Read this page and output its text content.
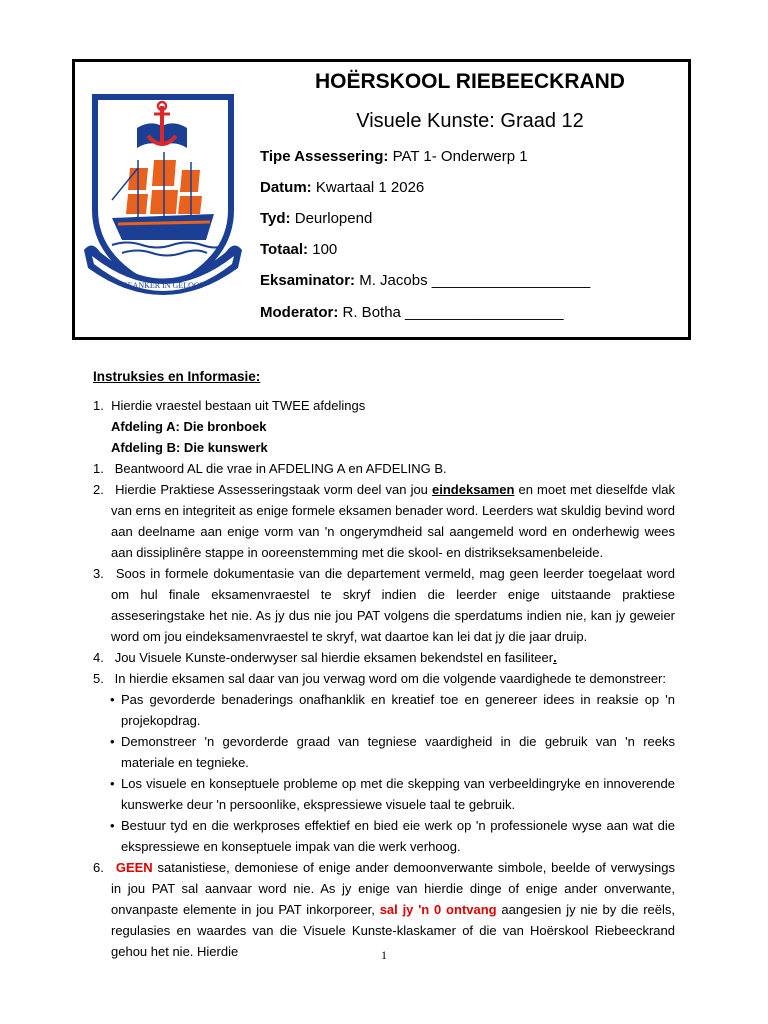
GEANKER IN GELOOF
HOËRSKOOL RIEBEECKRAND
Visuele Kunste: Graad 12
Tipe Assessering: PAT 1- Onderwerp 1
Datum: Kwartaal 1 2026
Tyd: Deurlopend
Totaal: 100
Eksaminator: M. Jacobs ___________________
Moderator: R. Botha ___________________
Instruksies en Informasie:
1. Hierdie vraestel bestaan uit TWEE afdelings
Afdeling A: Die bronboek
Afdeling B: Die kunswerk
1. Beantwoord AL die vrae in AFDELING A en AFDELING B.
2. Hierdie Praktiese Assesseringstaak vorm deel van jou eindeksamen en moet met dieselfde vlak van erns en integriteit as enige formele eksamen benader word. Leerders wat skuldig bevind word aan deelname aan enige vorm van 'n ongerymdheid sal aangemeld word en onderhewig wees aan dissiplinêre stappe in ooreenstemming met die skool- en distrikseksamenbeleide.
3. Soos in formele dokumentasie van die departement vermeld, mag geen leerder toegelaat word om hul finale eksamenvraestel te skryf indien die leerder enige uitstaande praktiese asseseringstake het nie. As jy dus nie jou PAT volgens die sperdatums indien nie, kan jy geweier word om jou eindeksamenvraestel te skryf, wat daartoe kan lei dat jy die jaar druip.
4. Jou Visuele Kunste-onderwyser sal hierdie eksamen bekendstel en fasiliteer.
5. In hierdie eksamen sal daar van jou verwag word om die volgende vaardighede te demonstreer:
• Pas gevorderde benaderings onafhanklik en kreatief toe en genereer idees in reaksie op 'n projekopdrag.
• Demonstreer 'n gevorderde graad van tegniese vaardigheid in die gebruik van 'n reeks materiale en tegnieke.
• Los visuele en konseptuele probleme op met die skepping van verbeeldingryke en innoverende kunswerke deur 'n persoonlike, ekspressiewe visuele taal te gebruik.
• Bestuur tyd en die werkproses effektief en bied eie werk op 'n professionele wyse aan wat die ekspressiewe en konseptuele impak van die werk verhoog.
6. GEEN satanistiese, demoniese of enige ander demoonverwante simbole, beelde of verwysings in jou PAT sal aanvaar word nie. As jy enige van hierdie dinge of enige ander onverwante, onvanpaste elemente in jou PAT inkorporeer, sal jy 'n 0 ontvang aangesien jy nie by die reëls, regulasies en waardes van die Visuele Kunste-klaskamer of die van Hoërskool Riebeeckrand gehou het nie. Hierdie	1
